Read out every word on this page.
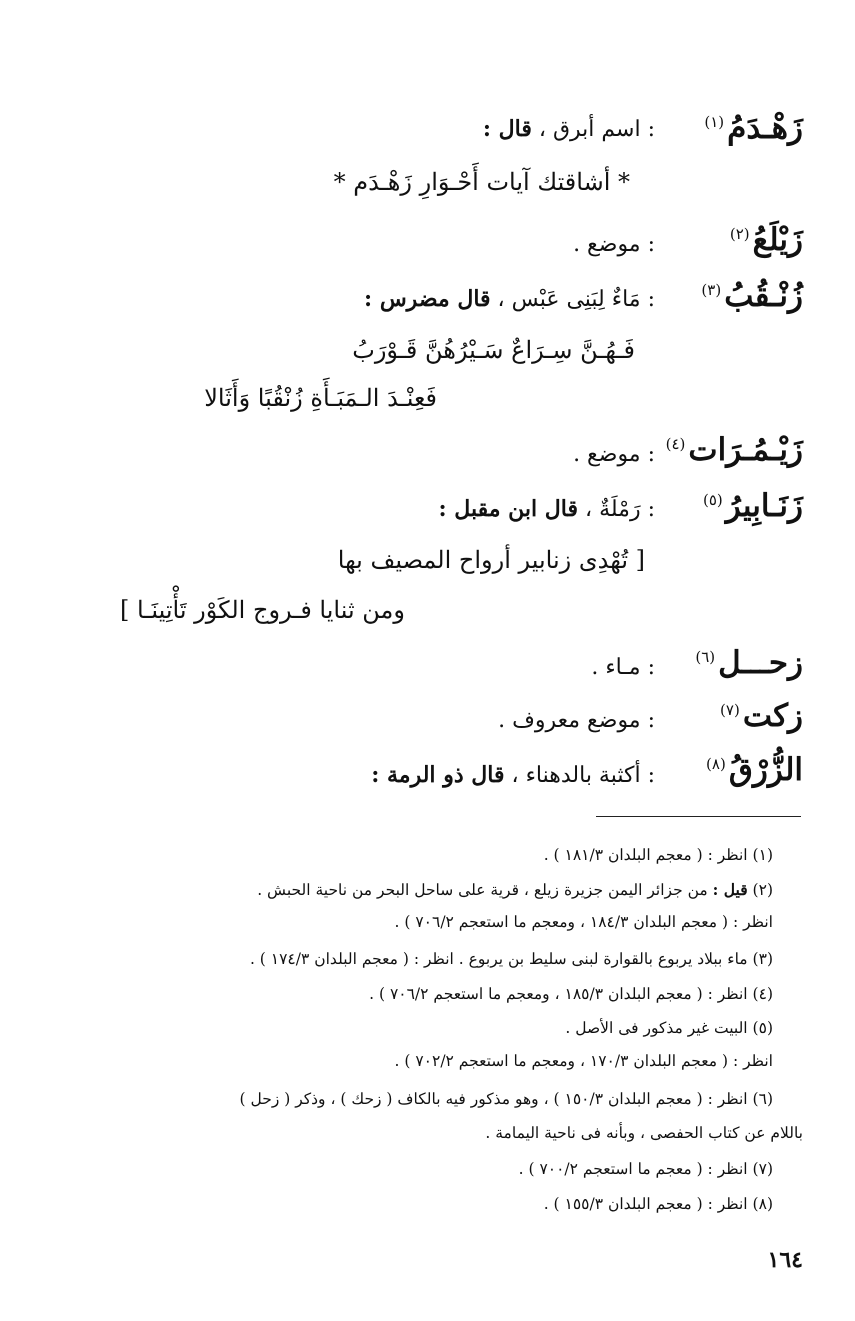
زَهْـدَمُ$^{(١)}$
: اسم أبرق ، قال :
* أشاقتك آيات أَحْـوَارِ زَهْـدَم *
زَيْلَعُ$^{(٢)}$
: موضع .
زُنْـقُبُ$^{(٣)}$
: مَاءٌ لِبَنِى عَبْس ، قال مضرس :
فَـهُـنَّ سِـرَاعٌ سَـيْرُهُنَّ قَـوْرَبُ
فَعِنْـدَ الـمَبَـأَةِ زُنْقُبًا وَأَثَالا
زَيْـمُـرَات$^{(٤)}$
: موضع .
زَنَـابِيرُ$^{(٥)}$
: رَمْلَةٌ ، قال ابن مقبل :
[ تُهْدِى زنابير أرواح المصيف بها
ومن ثنايا فـروج الكَوْر تَأْتِينَـا ]
زحـــل$^{(٦)}$
: مـاء .
زكت$^{(٧)}$
: موضع معروف .
الزُّرْقُ$^{(٨)}$
: أكثبة بالدهناء ، قال ذو الرمة :
(١) انظر : ( معجم البلدان ١٨١/٣ ) .
(٢) قيل : من جزائر اليمن جزيرة زيلع ، قرية على ساحل البحر من ناحية الحبش .
انظر : ( معجم البلدان ١٨٤/٣ ، ومعجم ما استعجم ٧٠٦/٢ ) .
(٣) ماء ببلاد يربوع بالقوارة لبنى سليط بن يربوع . انظر : ( معجم البلدان ١٧٤/٣ ) .
(٤) انظر : ( معجم البلدان ١٨٥/٣ ، ومعجم ما استعجم ٧٠٦/٢ ) .
(٥) البيت غير مذكور فى الأصل .
انظر : ( معجم البلدان ١٧٠/٣ ، ومعجم ما استعجم ٧٠٢/٢ ) .
(٦) انظر : ( معجم البلدان ١٥٠/٣ ) ، وهو مذكور فيه بالكاف ( زحك ) ، وذكر ( زحل )
باللام عن كتاب الحفصى ، وبأنه فى ناحية اليمامة .
(٧) انظر : ( معجم ما استعجم ٧٠٠/٢ ) .
(٨) انظر : ( معجم البلدان ١٥٥/٣ ) .
١٦٤
